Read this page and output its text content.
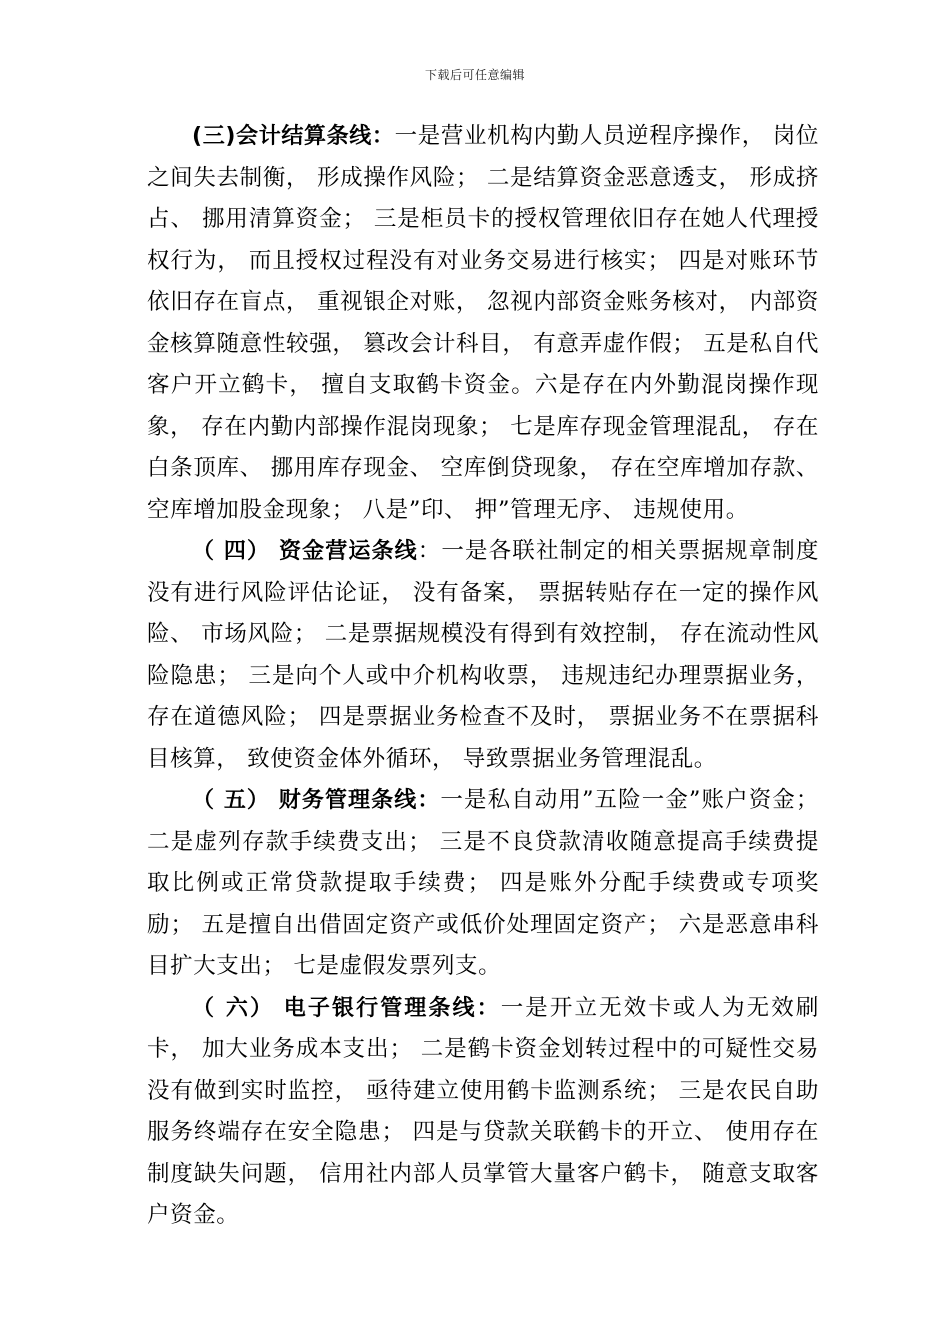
下载后可任意编辑

(三)会计结算条线：一是营业机构内勤人员逆程序操作， 岗位之间失去制衡， 形成操作风险； 二是结算资金恶意透支， 形成挤占、 挪用清算资金； 三是柜员卡的授权管理依旧存在她人代理授权行为， 而且授权过程没有对业务交易进行核实； 四是对账环节依旧存在盲点， 重视银企对账， 忽视内部资金账务核对， 内部资金核算随意性较强， 篡改会计科目， 有意弄虚作假； 五是私自代客户开立鹤卡， 擅自支取鹤卡资金。六是存在内外勤混岗操作现象， 存在内勤内部操作混岗现象； 七是库存现金管理混乱， 存在白条顶库、 挪用库存现金、 空库倒贷现象， 存在空库增加存款、 空库增加股金现象； 八是”印、 押”管理无序、 违规使用。

（ 四） 资金营运条线：一是各联社制定的相关票据规章制度没有进行风险评估论证， 没有备案， 票据转贴存在一定的操作风险、 市场风险； 二是票据规模没有得到有效控制， 存在流动性风险隐患； 三是向个人或中介机构收票， 违规违纪办理票据业务， 存在道德风险； 四是票据业务检查不及时， 票据业务不在票据科目核算， 致使资金体外循环， 导致票据业务管理混乱。

（ 五） 财务管理条线：一是私自动用”五险一金”账户资金； 二是虚列存款手续费支出； 三是不良贷款清收随意提高手续费提取比例或正常贷款提取手续费； 四是账外分配手续费或专项奖励； 五是擅自出借固定资产或低价处理固定资产； 六是恶意串科目扩大支出； 七是虚假发票列支。

（ 六） 电子银行管理条线：一是开立无效卡或人为无效刷卡， 加大业务成本支出； 二是鹤卡资金划转过程中的可疑性交易没有做到实时监控， 亟待建立使用鹤卡监测系统； 三是农民自助服务终端存在安全隐患； 四是与贷款关联鹤卡的开立、 使用存在制度缺失问题， 信用社内部人员掌管大量客户鹤卡， 随意支取客户资金。
